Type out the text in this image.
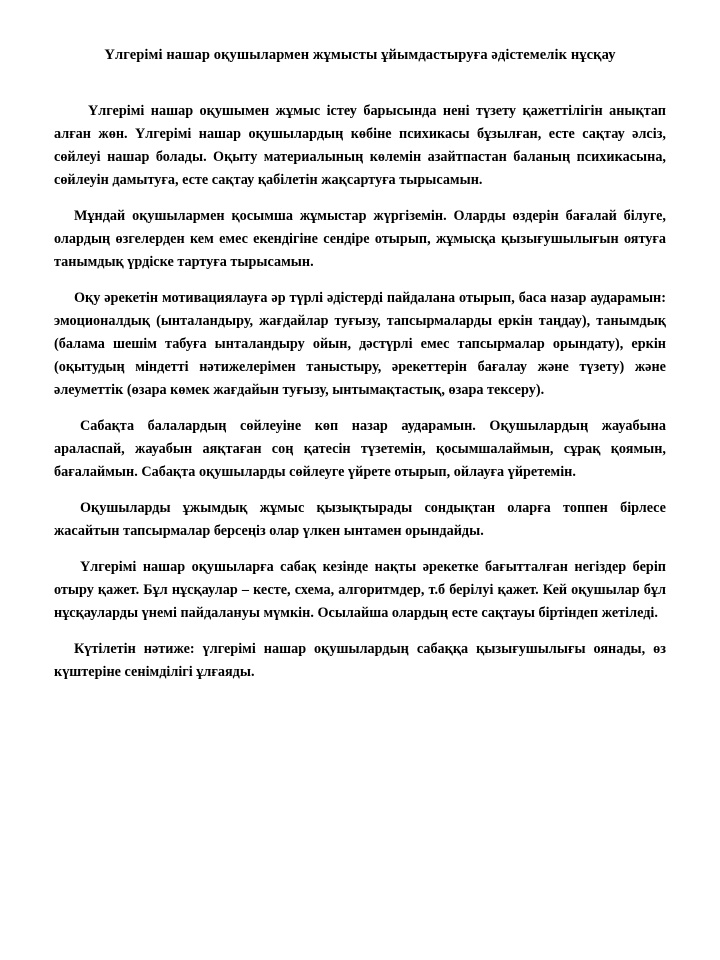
Үлгерімі нашар оқушылармен жұмысты ұйымдастыруға әдістемелік нұсқау

Үлгерімі нашар оқушымен жұмыс істеу барысында нені түзету қажеттілігін анықтап алған жөн. Үлгерімі нашар оқушылардың көбіне психикасы бұзылған, есте сақтау әлсіз, сөйлеуі нашар болады. Оқыту материалының көлемін азайтпастан баланың психикасына, сөйлеуін дамытуға, есте сақтау қабілетін жақсартуға тырысамын.

Мұндай оқушылармен қосымша жұмыстар жүргіземін. Оларды өздерін бағалай білуге, олардың өзгелерден кем емес екендігіне сендіре отырып, жұмысқа қызығушылығын оятуға танымдық үрдіске тартуға тырысамын.

Оқу әрекетін мотивациялауға әр түрлі әдістерді пайдалана отырып, баса назар аударамын: эмоционалдық (ынталандыру, жағдайлар туғызу, тапсырмаларды еркін таңдау), танымдық (балама шешім табуға ынталандыру ойын, дәстүрлі емес тапсырмалар орындату), еркін (оқытудың міндетті нәтижелерімен таныстыру, әрекеттерін бағалау және түзету) және әлеуметтік (өзара көмек жағдайын туғызу, ынтымақтастық, өзара тексеру).

Сабақта балалардың сөйлеуіне көп назар аударамын. Оқушылардың жауабына араласпай, жауабын аяқтаған соң қатесін түзетемін, қосымшалаймын, сұрақ қоямын, бағалаймын. Сабақта оқушыларды сөйлеуге үйрете отырып, ойлауға үйретемін.

Оқушыларды ұжымдық жұмыс қызықтырады сондықтан оларға топпен бірлесе жасайтын тапсырмалар берсеңіз олар үлкен ынтамен орындайды.

Үлгерімі нашар оқушыларға сабақ кезінде нақты әрекетке бағытталған негіздер беріп отыру қажет. Бұл нұсқаулар – кесте, схема, алгоритмдер, т.б берілуі қажет. Кей оқушылар бұл нұсқауларды үнемі пайдалануы мүмкін. Осылайша олардың есте сақтауы біртіндеп жетіледі.

Күтілетін нәтиже: үлгерімі нашар оқушылардың сабаққа қызығушылығы оянады, өз күштеріне сенімділігі ұлғаяды.
